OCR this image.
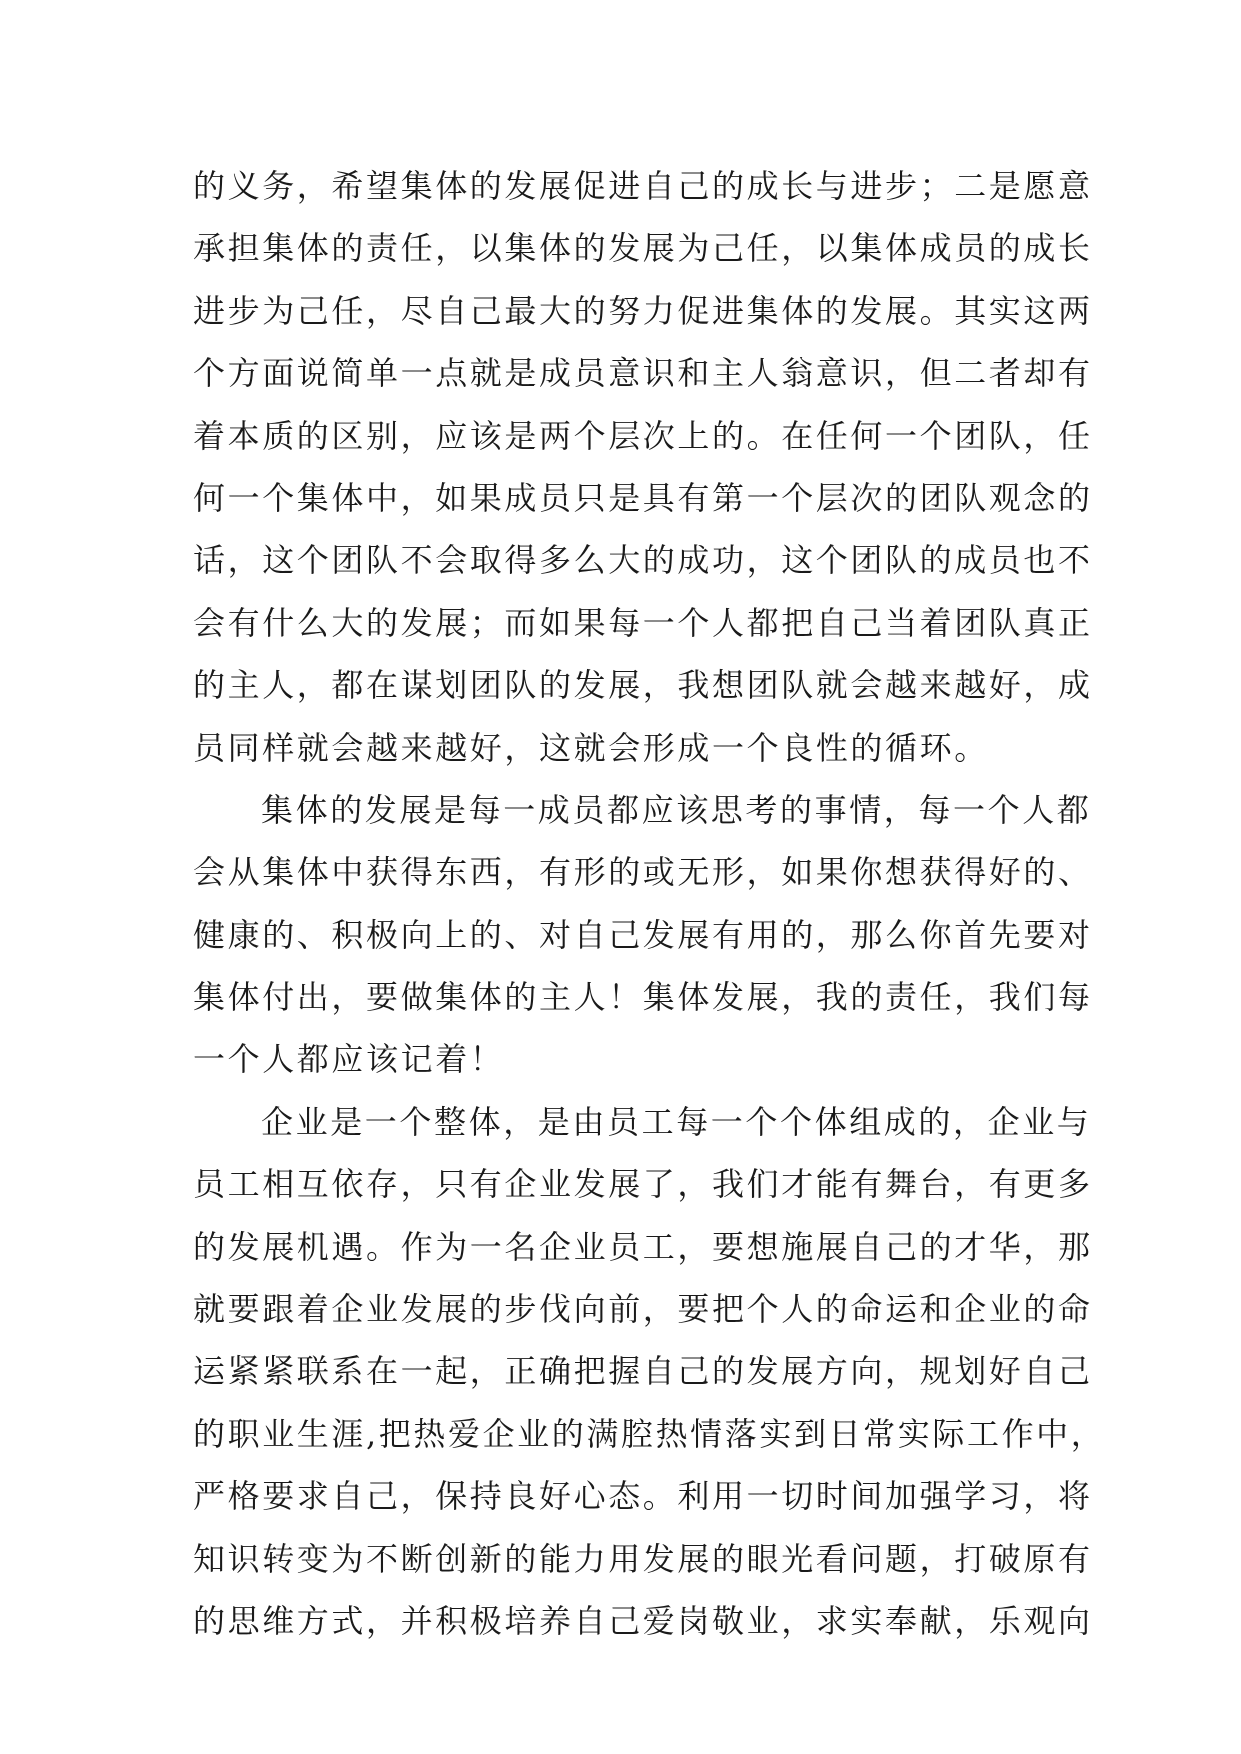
的义务，希望集体的发展促进自己的成长与进步；二是愿意
承担集体的责任，以集体的发展为己任，以集体成员的成长
进步为己任，尽自己最大的努力促进集体的发展。其实这两
个方面说简单一点就是成员意识和主人翁意识，但二者却有
着本质的区别，应该是两个层次上的。在任何一个团队，任
何一个集体中，如果成员只是具有第一个层次的团队观念的
话，这个团队不会取得多么大的成功，这个团队的成员也不
会有什么大的发展；而如果每一个人都把自己当着团队真正
的主人，都在谋划团队的发展，我想团队就会越来越好，成
员同样就会越来越好，这就会形成一个良性的循环。
集体的发展是每一成员都应该思考的事情，每一个人都
会从集体中获得东西，有形的或无形，如果你想获得好的、
健康的、积极向上的、对自己发展有用的，那么你首先要对
集体付出，要做集体的主人！集体发展，我的责任，我们每
一个人都应该记着！
企业是一个整体，是由员工每一个个体组成的，企业与
员工相互依存，只有企业发展了，我们才能有舞台，有更多
的发展机遇。作为一名企业员工，要想施展自己的才华，那
就要跟着企业发展的步伐向前，要把个人的命运和企业的命
运紧紧联系在一起，正确把握自己的发展方向，规划好自己
的职业生涯,把热爱企业的满腔热情落实到日常实际工作中，
严格要求自己，保持良好心态。利用一切时间加强学习，将
知识转变为不断创新的能力用发展的眼光看问题，打破原有
的思维方式，并积极培养自己爱岗敬业，求实奉献，乐观向
